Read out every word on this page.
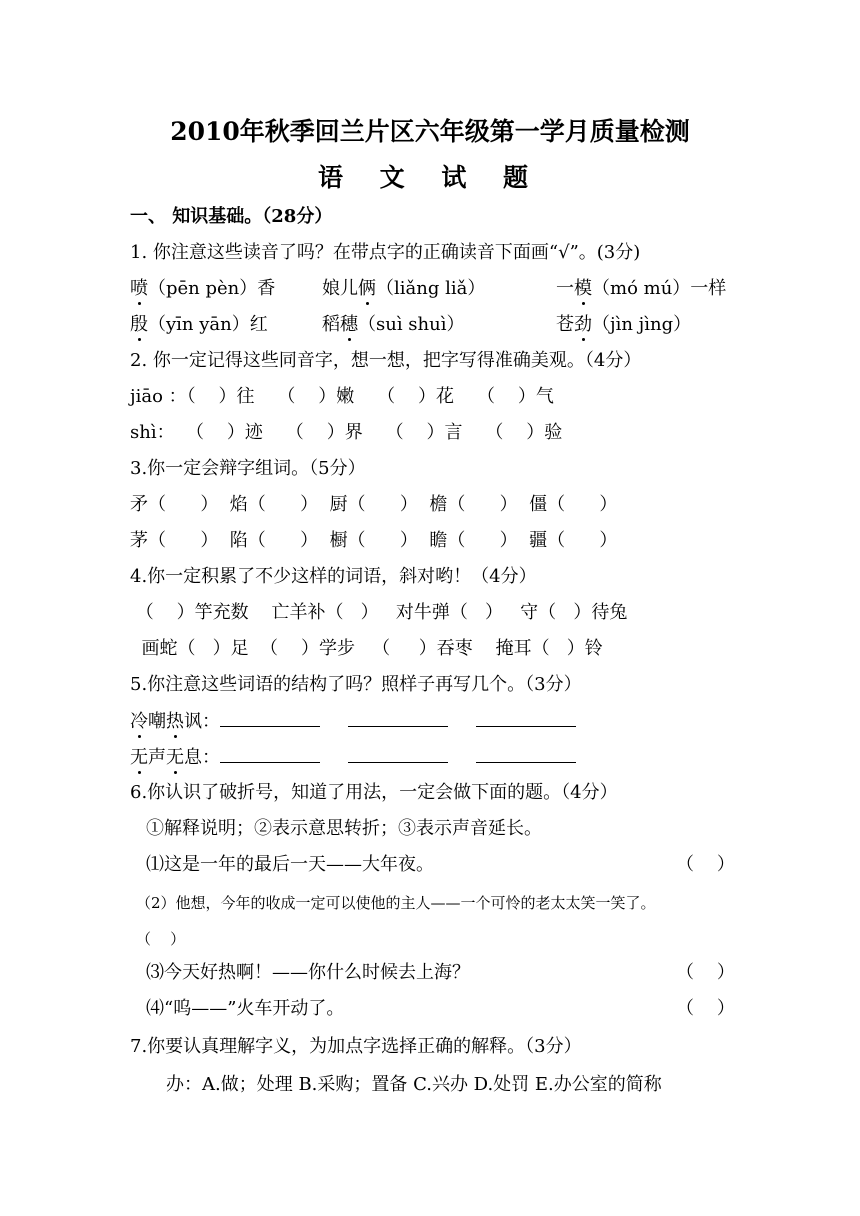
2010年秋季回兰片区六年级第一学月质量检测
语 文 试 题
一、 知识基础。（28分）
1. 你注意这些读音了吗？在带点字的正确读音下面画“√”。(3分)
喷（pēn pèn）香	娘儿俩（liǎng liǎ）	一模（mó mú）一样
殷（yīn yān）红	稻穗（suì shuì）	苍劲（jìn jìng）
2. 你一定记得这些同音字，想一想，把字写得准确美观。（4分）
jiāo ：（    ）往    （    ）嫩    （    ）花    （    ）气
shì：  （    ）迹    （    ）界    （    ）言    （    ）验
3.你一定会辩字组词。（5分）
矛（      ）  焰（      ）  厨（      ）  檐（      ）  僵（      ）
茅（      ）  陷（      ）  橱（      ）  瞻（      ）  疆（      ）
4.你一定积累了不少这样的词语，斜对哟！（4分）
（    ）竽充数    亡羊补（   ）   对牛弹（   ）   守（   ）待兔
画蛇（   ）足  （    ）学步   （     ）吞枣    掩耳（   ）铃
5.你注意这些词语的结构了吗？照样子再写几个。（3分）
冷嘲热讽：
无声无息：
6.你认识了破折号，知道了用法，一定会做下面的题。（4分）
①解释说明；②表示意思转折；③表示声音延长。
⑴这是一年的最后一天——大年夜。	（    ）
（2）他想，今年的收成一定可以使他的主人——一个可怜的老太太笑一笑了。
（    ）
⑶今天好热啊！——你什么时候去上海？	（    ）
⑷“呜——”火车开动了。	（    ）
7.你要认真理解字义，为加点字选择正确的解释。（3分）
办：A.做；处理 B.采购；置备 C.兴办 D.处罚 E.办公室的简称
